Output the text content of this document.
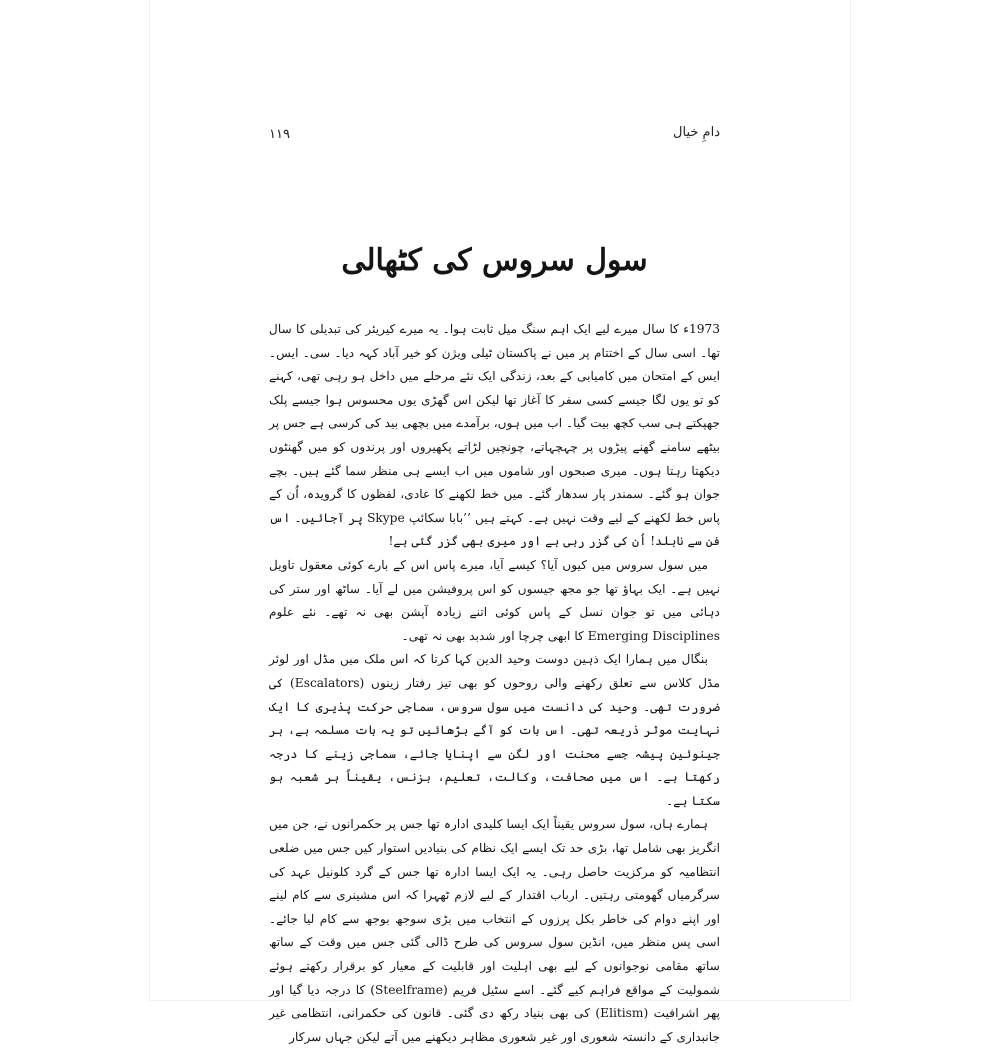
۱۱۹	دامِ خیال
سول سروس کی کٹھالی

1973ء کا سال میرے لیے ایک اہم سنگ میل ثابت ہوا۔ یہ میرے کیریئر کی تبدیلی کا سال تھا۔ اسی سال کے اختتام پر میں نے پاکستان ٹیلی ویژن کو خیر آباد کہہ دیا۔ سی۔ ایس۔ ایس کے امتحان میں کامیابی کے بعد، زندگی ایک نئے مرحلے میں داخل ہو رہی تھی، کہنے کو تو یوں لگا جیسے کسی سفر کا آغاز تھا لیکن اس گھڑی یوں محسوس ہوا جیسے پلک جھپکتے ہی سب کچھ بیت گیا۔ اب میں ہوں، برآمدے میں بچھی بید کی کرسی ہے جس پر بیٹھے سامنے گھنے پیڑوں پر چہچہاتے، چونچیں لڑاتے پکھیروں اور پرندوں کو میں گھنٹوں دیکھتا رہتا ہوں۔ میری صبحوں اور شاموں میں اب ایسے ہی منظر سما گئے ہیں۔ بچے جوان ہو گئے۔ سمندر پار سدھار گئے۔ میں خط لکھنے کا عادی، لفظوں کا گرویدہ، اُن کے پاس خط لکھنے کے لیے وقت نہیں ہے۔ کہتے ہیں ’’بابا سکائپ Skype پر آجائیں۔ اس فن سے نابلد! اُن کی گزر رہی ہے اور میری بھی گزر گئی ہے!

میں سول سروس میں کیوں آیا؟ کیسے آیا، میرے پاس اس کے بارے کوئی معقول تاویل نہیں ہے۔ ایک بہاؤ تھا جو مجھ جیسوں کو اس پروفیشن میں لے آیا۔ ساٹھ اور ستر کی دہائی میں تو جوان نسل کے پاس کوئی اتنے زیادہ آپشن بھی نہ تھے۔ نئے علوم Emerging Disciplines کا ابھی چرچا اور شدبد بھی نہ تھی۔

بنگال میں ہمارا ایک ذہین دوست وحید الدین کہا کرتا کہ اس ملک میں مڈل اور لوئر مڈل کلاس سے تعلق رکھنے والی روحوں کو بھی تیز رفتار زینوں (Escalators) کی ضرورت تھی۔ وحید کی دانست میں سول سروس، سماجی حرکت پذیری کا ایک نہایت موثر ذریعہ تھی۔ اس بات کو آگے بڑھائیں تو یہ بات مسلمہ ہے، ہر جینوئین پیشہ جسے محنت اور لگن سے اپنایا جائے، سماجی زینے کا درجہ رکھتا ہے۔ اس میں صحافت، وکالت، تعلیم، بزنس، یقیناً ہر شعبہ ہو سکتا ہے۔

ہمارے ہاں، سول سروس یقیناً ایک ایسا کلیدی ادارہ تھا جس پر حکمرانوں نے، جن میں انگریز بھی شامل تھا، بڑی حد تک ایسے ایک نظام کی بنیادیں استوار کیں جس میں ضلعی انتظامیہ کو مرکزیت حاصل رہی۔ یہ ایک ایسا ادارہ تھا جس کے گرد کلونیل عہد کی سرگرمیاں گھومتی رہتیں۔ ارباب اقتدار کے لیے لازم ٹھہرا کہ اس مشینری سے کام لینے اور اپنے دوام کی خاطر بکل پرزوں کے انتخاب میں بڑی سوجھ بوجھ سے کام لیا جائے۔ اسی پس منظر میں، انڈین سول سروس کی طرح ڈالی گئی جس میں وقت کے ساتھ ساتھ مقامی نوجوانوں کے لیے بھی اہلیت اور قابلیت کے معیار کو برقرار رکھتے ہوئے شمولیت کے مواقع فراہم کیے گئے۔ اسے سٹیل فریم (Steelframe) کا درجہ دیا گیا اور پھر اشرافیت (Elitism) کی بھی بنیاد رکھ دی گئی۔ قانون کی حکمرانی، انتظامی غیر جانبداری کے دانستہ شعوری اور غیر شعوری مظاہر دیکھنے میں آتے لیکن جہاں سرکار
